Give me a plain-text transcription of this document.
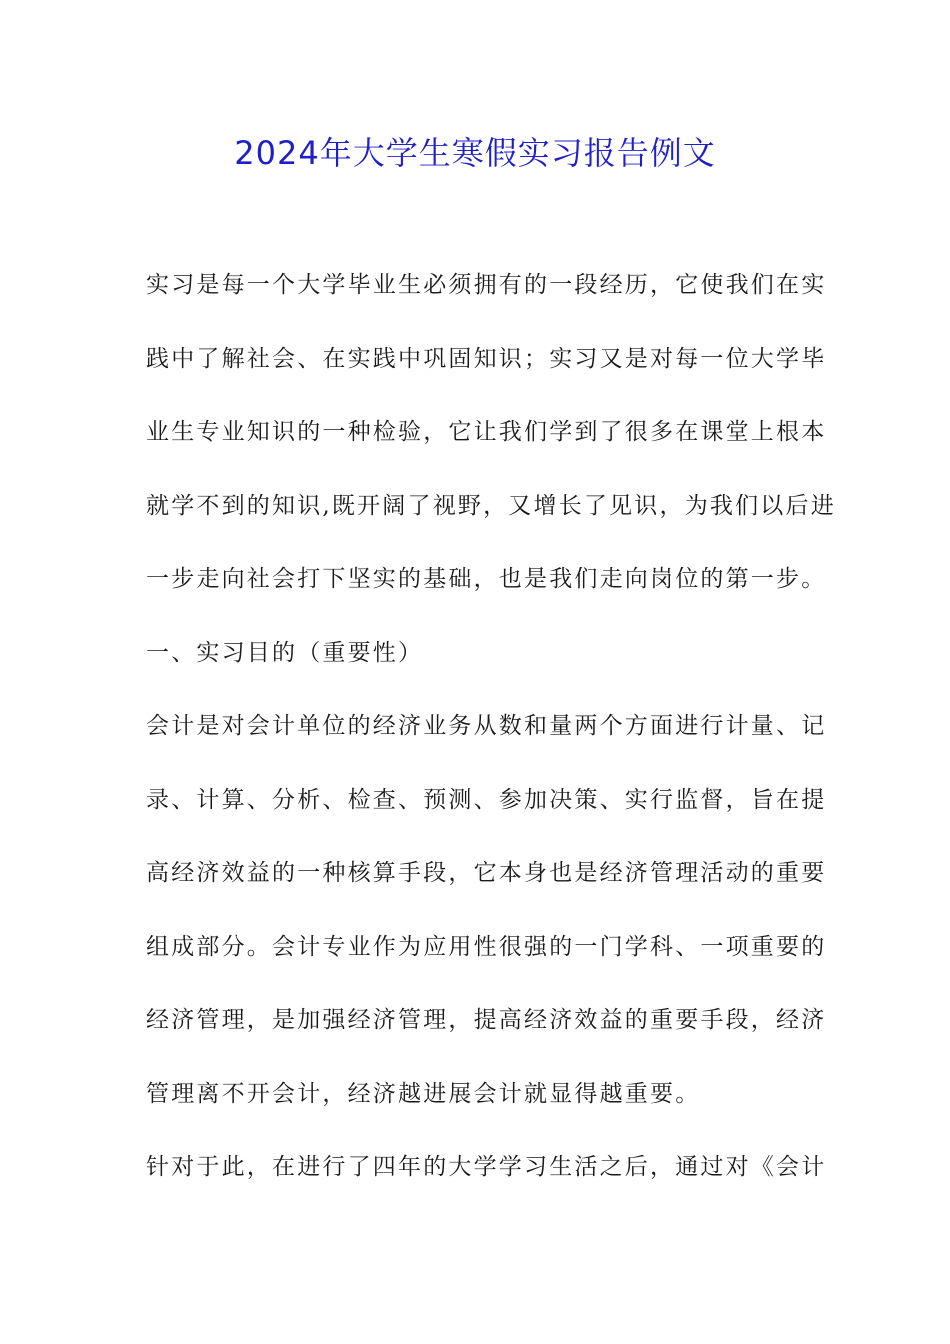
2024年大学生寒假实习报告例文
实习是每一个大学毕业生必须拥有的一段经历，它使我们在实
践中了解社会、在实践中巩固知识；实习又是对每一位大学毕
业生专业知识的一种检验，它让我们学到了很多在课堂上根本
就学不到的知识,既开阔了视野，又增长了见识，为我们以后进
一步走向社会打下坚实的基础，也是我们走向岗位的第一步。
一、实习目的（重要性）
会计是对会计单位的经济业务从数和量两个方面进行计量、记
录、计算、分析、检查、预测、参加决策、实行监督，旨在提
高经济效益的一种核算手段，它本身也是经济管理活动的重要
组成部分。会计专业作为应用性很强的一门学科、一项重要的
经济管理，是加强经济管理，提高经济效益的重要手段，经济
管理离不开会计，经济越进展会计就显得越重要。
针对于此，在进行了四年的大学学习生活之后，通过对《会计
